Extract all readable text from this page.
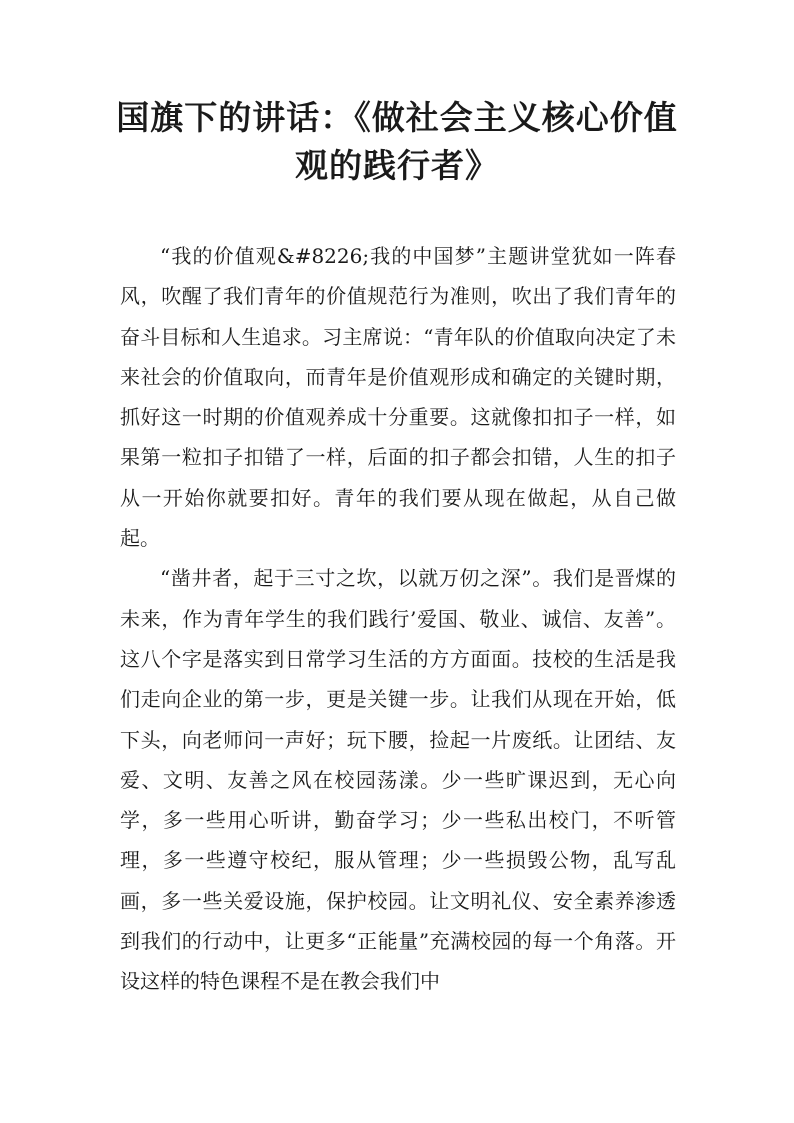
国旗下的讲话：《做社会主义核心价值观的践行者》

“我的价值观&#8226;我的中国梦”主题讲堂犹如一阵春风，吹醒了我们青年的价值规范行为准则，吹出了我们青年的奋斗目标和人生追求。习主席说：“青年队的价值取向决定了未来社会的价值取向，而青年是价值观形成和确定的关键时期，抓好这一时期的价值观养成十分重要。这就像扣扣子一样，如果第一粒扣子扣错了一样，后面的扣子都会扣错，人生的扣子从一开始你就要扣好。青年的我们要从现在做起，从自己做起。

“凿井者，起于三寸之坎，以就万仞之深”。我们是晋煤的未来，作为青年学生的我们践行’爱国、敬业、诚信、友善”。这八个字是落实到日常学习生活的方方面面。技校的生活是我们走向企业的第一步，更是关键一步。让我们从现在开始，低下头，向老师问一声好；玩下腰，捡起一片废纸。让团结、友爱、文明、友善之风在校园荡漾。少一些旷课迟到，无心向学，多一些用心听讲，勤奋学习；少一些私出校门，不听管理，多一些遵守校纪，服从管理；少一些损毁公物，乱写乱画，多一些关爱设施，保护校园。让文明礼仪、安全素养渗透到我们的行动中，让更多“正能量”充满校园的每一个角落。开设这样的特色课程不是在教会我们中
